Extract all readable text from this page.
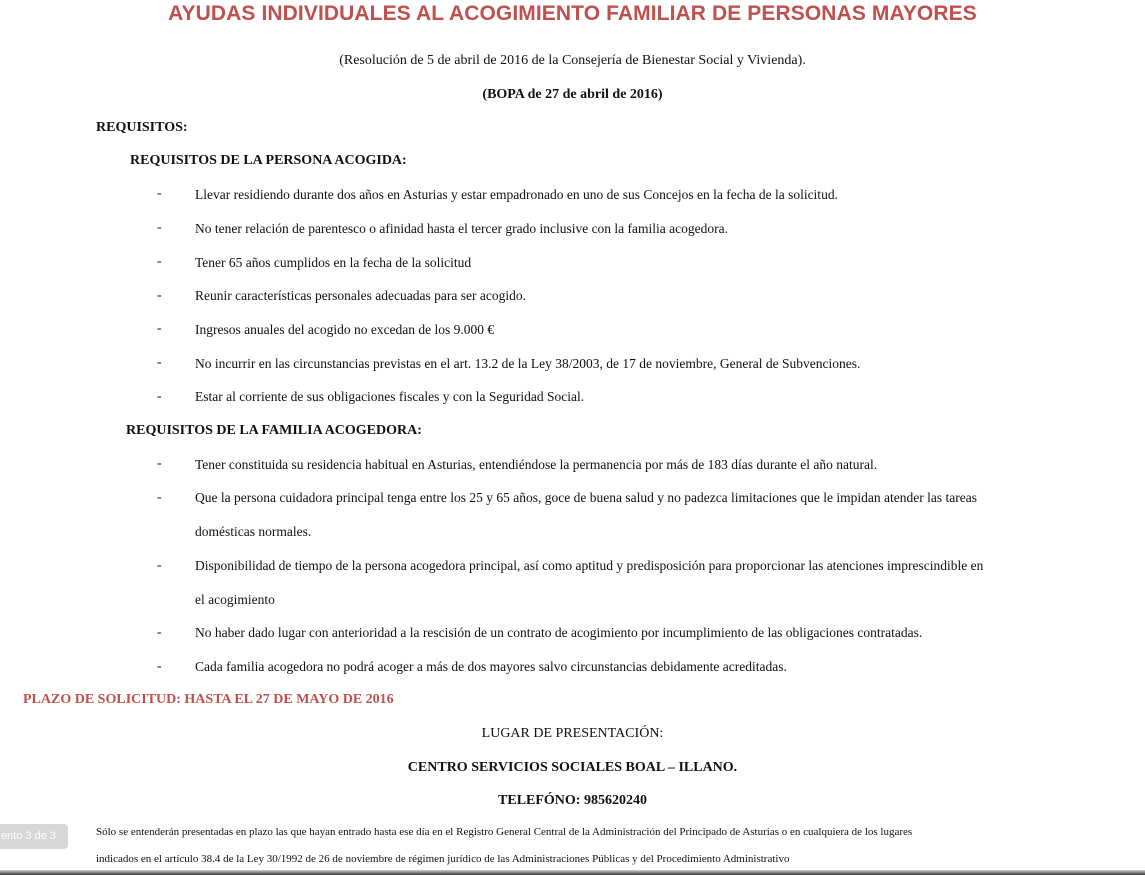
AYUDAS INDIVIDUALES AL ACOGIMIENTO FAMILIAR DE PERSONAS MAYORES
(Resolución de 5 de abril de 2016 de la Consejería de Bienestar Social y Vivienda).
(BOPA de 27 de abril de 2016)
REQUISITOS:
REQUISITOS DE LA PERSONA ACOGIDA:
- Llevar residiendo durante dos años en Asturias y estar empadronado en uno de sus Concejos en la fecha de la solicitud.
- No tener relación de parentesco o afinidad hasta el tercer grado inclusive con la familia acogedora.
- Tener 65 años cumplidos en la fecha de la solicitud
- Reunir características personales adecuadas para ser acogido.
- Ingresos anuales del acogido no excedan de los 9.000 €
- No incurrir en las circunstancias previstas en el art. 13.2 de la Ley 38/2003, de 17 de noviembre, General de Subvenciones.
- Estar al corriente de sus obligaciones fiscales y con la Seguridad Social.
REQUISITOS DE LA FAMILIA ACOGEDORA:
- Tener constituida su residencia habitual en Asturias, entendiéndose la permanencia por más de 183 días durante el año natural.
- Que la persona cuidadora principal tenga entre los 25 y 65 años, goce de buena salud y no padezca limitaciones que le impidan atender las tareas
domésticas normales.
- Disponibilidad de tiempo de la persona acogedora principal, así como aptitud y predisposición para proporcionar las atenciones imprescindible en
el acogimiento
- No haber dado lugar con anterioridad a la rescisión de un contrato de acogimiento por incumplimiento de las obligaciones contratadas.
- Cada familia acogedora no podrá acoger a más de dos mayores salvo circunstancias debidamente acreditadas.
PLAZO DE SOLICITUD: HASTA EL 27 DE MAYO DE 2016
LUGAR DE PRESENTACIÓN:
CENTRO SERVICIOS SOCIALES BOAL – ILLANO.
TELEFÓNO: 985620240
ento 3 de 3	Sólo se entenderán presentadas en plazo las que hayan entrado hasta ese día en el Registro General Central de la Administración del Principado de Asturias o en cualquiera de los lugares
indicados en el artículo 38.4 de la Ley 30/1992 de 26 de noviembre de régimen jurídico de las Administraciones Públicas y del Procedimiento Administrativo
